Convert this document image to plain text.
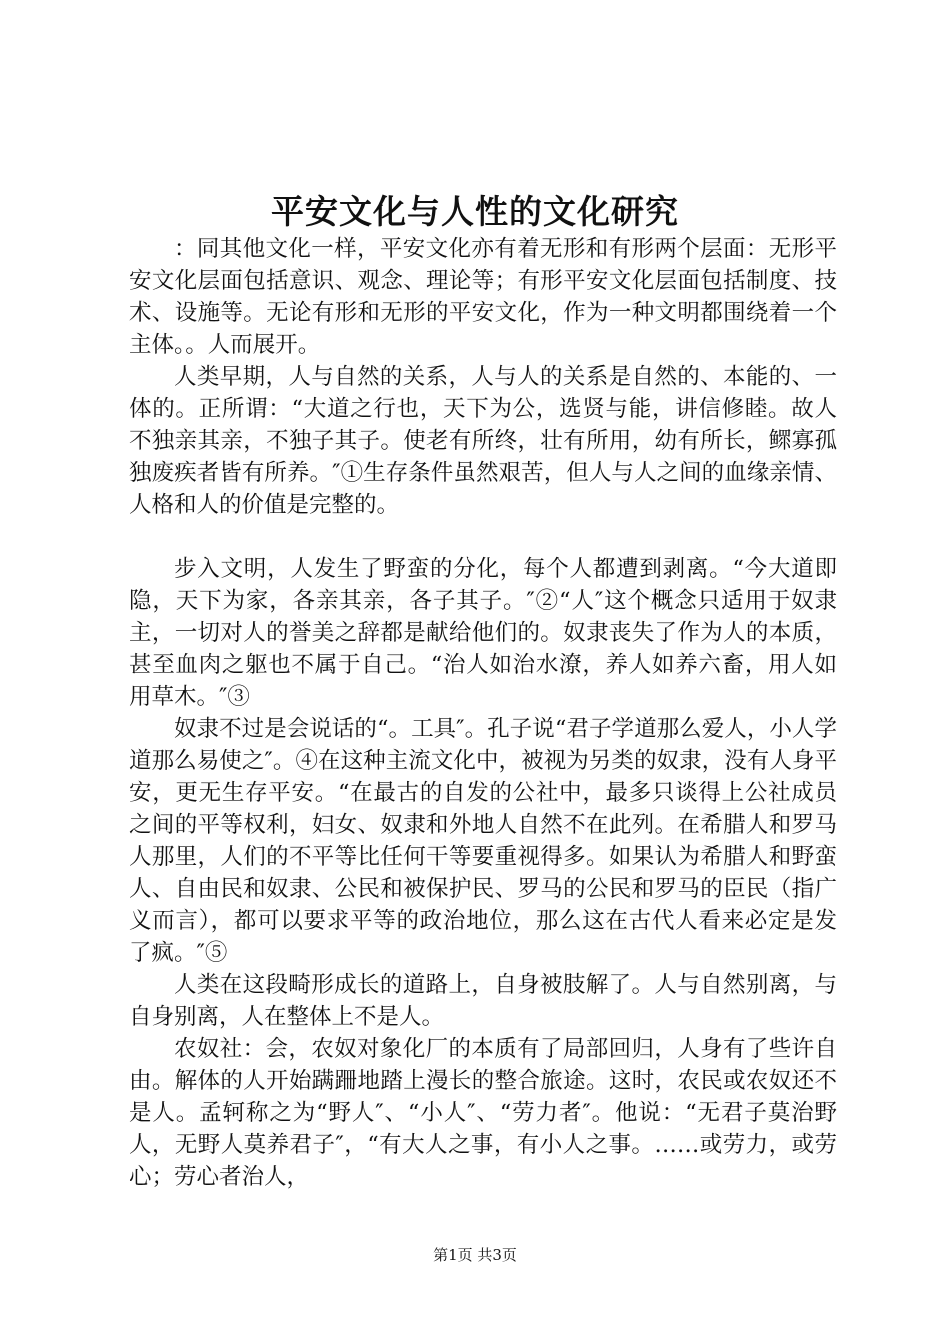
平安文化与人性的文化研究

：同其他文化一样，平安文化亦有着无形和有形两个层面：无形平安文化层面包括意识、观念、理论等；有形平安文化层面包括制度、技术、设施等。无论有形和无形的平安文化，作为一种文明都围绕着一个主体。。人而展开。

人类早期，人与自然的关系，人与人的关系是自然的、本能的、一体的。正所谓：“大道之行也，天下为公，选贤与能，讲信修睦。故人不独亲其亲，不独子其子。使老有所终，壮有所用，幼有所长，鳏寡孤独废疾者皆有所养。″①生存条件虽然艰苦，但人与人之间的血缘亲情、人格和人的价值是完整的。

步入文明，人发生了野蛮的分化，每个人都遭到剥离。“今大道即隐，天下为家，各亲其亲，各子其子。″②“人″这个概念只适用于奴隶主，一切对人的誉美之辞都是献给他们的。奴隶丧失了作为人的本质，甚至血肉之躯也不属于自己。“治人如治水潦，养人如养六畜，用人如用草木。″③

奴隶不过是会说话的“。工具″。孔子说“君子学道那么爱人，小人学道那么易使之″。④在这种主流文化中，被视为另类的奴隶，没有人身平安，更无生存平安。“在最古的自发的公社中，最多只谈得上公社成员之间的平等权利，妇女、奴隶和外地人自然不在此列。在希腊人和罗马人那里，人们的不平等比任何干等要重视得多。如果认为希腊人和野蛮人、自由民和奴隶、公民和被保护民、罗马的公民和罗马的臣民（指广义而言），都可以要求平等的政治地位，那么这在古代人看来必定是发了疯。″⑤

人类在这段畸形成长的道路上，自身被肢解了。人与自然别离，与自身别离，人在整体上不是人。

农奴社：会，农奴对象化厂的本质有了局部回归，人身有了些许自由。解体的人开始蹒跚地踏上漫长的整合旅途。这时，农民或农奴还不是人。孟轲称之为“野人″、“小人″、“劳力者″。他说：“无君子莫治野人，无野人莫养君子″，“有大人之事，有小人之事。……或劳力，或劳心；劳心者治人，

第1页 共3页
